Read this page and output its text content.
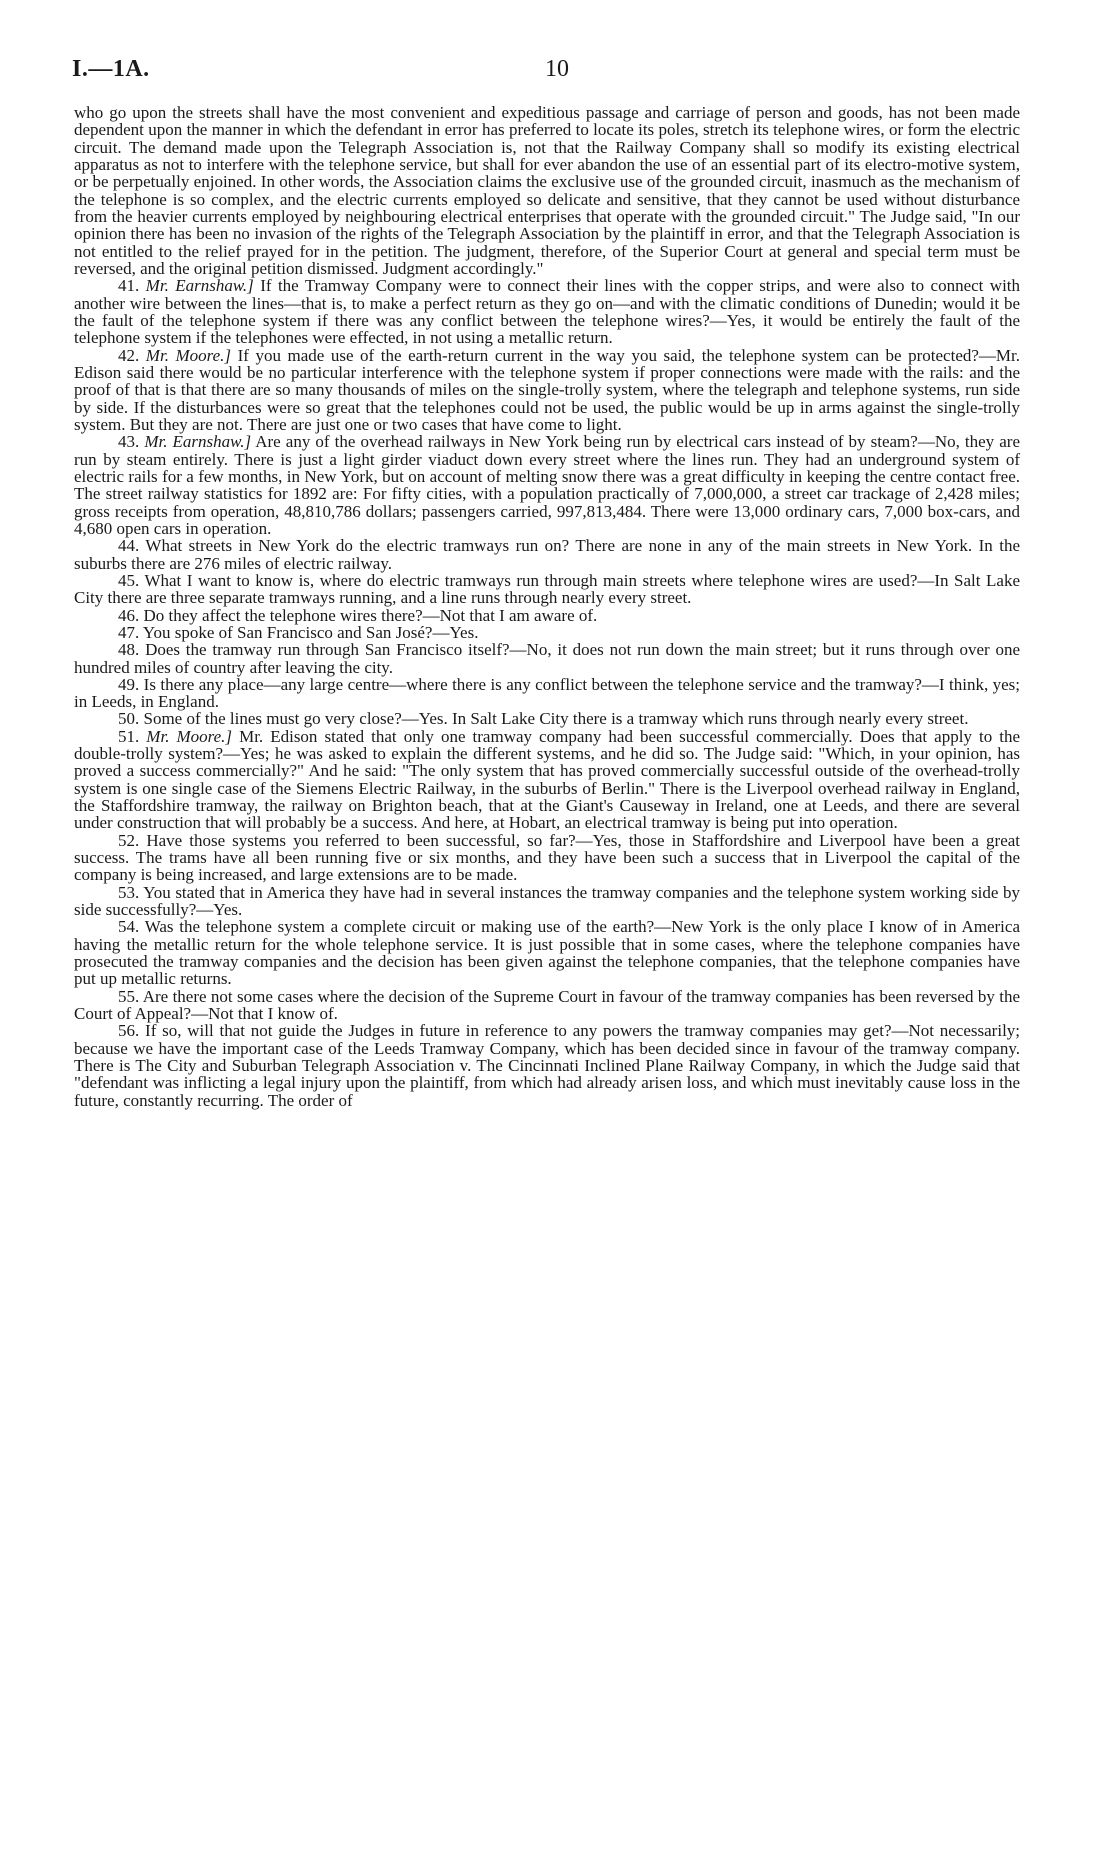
I.—1A.	10

who go upon the streets shall have the most convenient and expeditious passage and carriage of person and goods, has not been made dependent upon the manner in which the defendant in error has preferred to locate its poles, stretch its telephone wires, or form the electric circuit. The demand made upon the Telegraph Association is, not that the Railway Company shall so modify its existing electrical apparatus as not to interfere with the telephone service, but shall for ever abandon the use of an essential part of its electro-motive system, or be perpetually enjoined. In other words, the Association claims the exclusive use of the grounded circuit, inasmuch as the mechanism of the telephone is so complex, and the electric currents employed so delicate and sensitive, that they cannot be used without disturbance from the heavier currents employed by neighbouring electrical enterprises that operate with the grounded circuit." The Judge said, "In our opinion there has been no invasion of the rights of the Telegraph Association by the plaintiff in error, and that the Telegraph Association is not entitled to the relief prayed for in the petition. The judgment, therefore, of the Superior Court at general and special term must be reversed, and the original petition dismissed. Judgment accordingly."

41. Mr. Earnshaw.] If the Tramway Company were to connect their lines with the copper strips, and were also to connect with another wire between the lines—that is, to make a perfect return as they go on—and with the climatic conditions of Dunedin; would it be the fault of the telephone system if there was any conflict between the telephone wires?—Yes, it would be entirely the fault of the telephone system if the telephones were effected, in not using a metallic return.

42. Mr. Moore.] If you made use of the earth-return current in the way you said, the telephone system can be protected?—Mr. Edison said there would be no particular interference with the telephone system if proper connections were made with the rails: and the proof of that is that there are so many thousands of miles on the single-trolly system, where the telegraph and telephone systems, run side by side. If the disturbances were so great that the telephones could not be used, the public would be up in arms against the single-trolly system. But they are not. There are just one or two cases that have come to light.

43. Mr. Earnshaw.] Are any of the overhead railways in New York being run by electrical cars instead of by steam?—No, they are run by steam entirely. There is just a light girder viaduct down every street where the lines run. They had an underground system of electric rails for a few months, in New York, but on account of melting snow there was a great difficulty in keeping the centre contact free. The street railway statistics for 1892 are: For fifty cities, with a population practically of 7,000,000, a street car trackage of 2,428 miles; gross receipts from operation, 48,810,786 dollars; passengers carried, 997,813,484. There were 13,000 ordinary cars, 7,000 box-cars, and 4,680 open cars in operation.

44. What streets in New York do the electric tramways run on? There are none in any of the main streets in New York. In the suburbs there are 276 miles of electric railway.

45. What I want to know is, where do electric tramways run through main streets where telephone wires are used?—In Salt Lake City there are three separate tramways running, and a line runs through nearly every street.

46. Do they affect the telephone wires there?—Not that I am aware of.

47. You spoke of San Francisco and San José?—Yes.

48. Does the tramway run through San Francisco itself?—No, it does not run down the main street; but it runs through over one hundred miles of country after leaving the city.

49. Is there any place—any large centre—where there is any conflict between the telephone service and the tramway?—I think, yes; in Leeds, in England.

50. Some of the lines must go very close?—Yes. In Salt Lake City there is a tramway which runs through nearly every street.

51. Mr. Moore.] Mr. Edison stated that only one tramway company had been successful commercially. Does that apply to the double-trolly system?—Yes; he was asked to explain the different systems, and he did so. The Judge said: "Which, in your opinion, has proved a success commercially?" And he said: "The only system that has proved commercially successful outside of the overhead-trolly system is one single case of the Siemens Electric Railway, in the suburbs of Berlin." There is the Liverpool overhead railway in England, the Staffordshire tramway, the railway on Brighton beach, that at the Giant's Causeway in Ireland, one at Leeds, and there are several under construction that will probably be a success. And here, at Hobart, an electrical tramway is being put into operation.

52. Have those systems you referred to been successful, so far?—Yes, those in Staffordshire and Liverpool have been a great success. The trams have all been running five or six months, and they have been such a success that in Liverpool the capital of the company is being increased, and large extensions are to be made.

53. You stated that in America they have had in several instances the tramway companies and the telephone system working side by side successfully?—Yes.

54. Was the telephone system a complete circuit or making use of the earth?—New York is the only place I know of in America having the metallic return for the whole telephone service. It is just possible that in some cases, where the telephone companies have prosecuted the tramway companies and the decision has been given against the telephone companies, that the telephone companies have put up metallic returns.

55. Are there not some cases where the decision of the Supreme Court in favour of the tramway companies has been reversed by the Court of Appeal?—Not that I know of.

56. If so, will that not guide the Judges in future in reference to any powers the tramway companies may get?—Not necessarily; because we have the important case of the Leeds Tramway Company, which has been decided since in favour of the tramway company. There is The City and Suburban Telegraph Association v. The Cincinnati Inclined Plane Railway Company, in which the Judge said that "defendant was inflicting a legal injury upon the plaintiff, from which had already arisen loss, and which must inevitably cause loss in the future, constantly recurring. The order of
